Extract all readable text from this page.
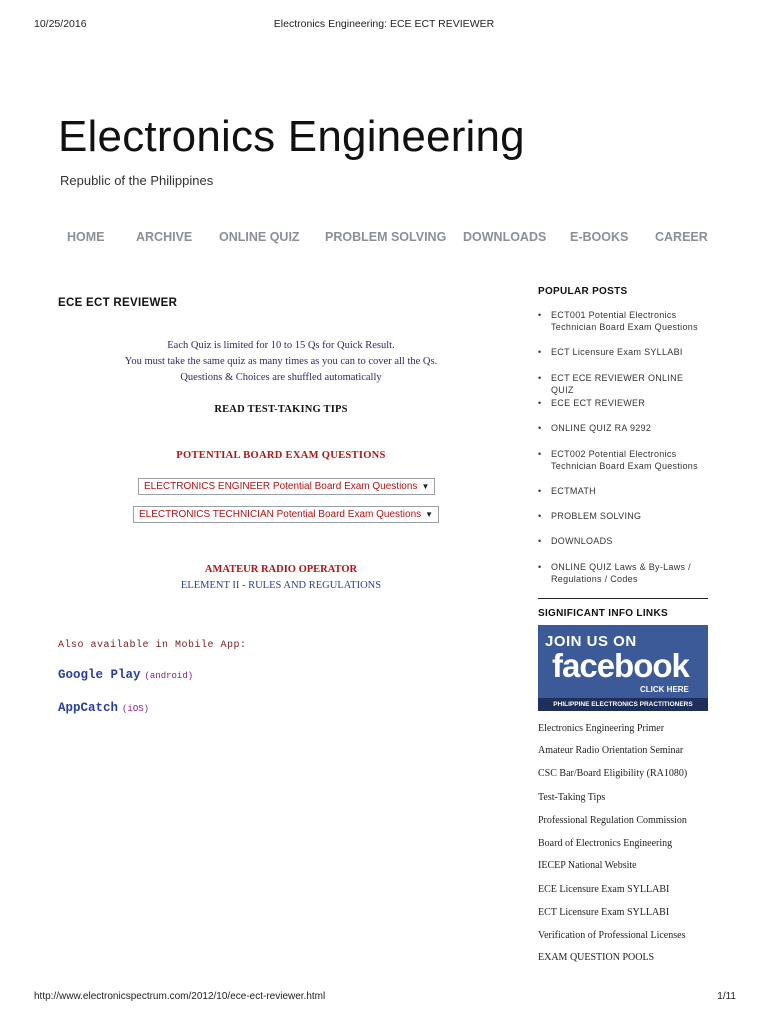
10/25/2016	Electronics Engineering: ECE ECT REVIEWER
Electronics Engineering
Republic of the Philippines
HOME	ARCHIVE ONLINE QUIZ PROBLEM SOLVING DOWNLOADS E-BOOKS CAREER
ECE ECT REVIEWER
Each Quiz is limited for 10 to 15 Qs for Quick Result.
You must take the same quiz as many times as you can to cover all the Qs.
Questions & Choices are shuffled automatically
READ TEST-TAKING TIPS
POTENTIAL BOARD EXAM QUESTIONS
ELECTRONICS ENGINEER Potential Board Exam Questions ▼
ELECTRONICS TECHNICIAN Potential Board Exam Questions ▼
AMATEUR RADIO OPERATOR
ELEMENT II - RULES AND REGULATIONS
Also available in Mobile App:
Google Play (android)
AppCatch (iOS)
POPULAR POSTS
• ECT001 Potential Electronics Technician Board Exam Questions
• ECT Licensure Exam SYLLABI
• ECT ECE REVIEWER ONLINE QUIZ
• ECE ECT REVIEWER
• ONLINE QUIZ RA 9292
• ECT002 Potential Electronics Technician Board Exam Questions
• ECTMATH
• PROBLEM SOLVING
• DOWNLOADS
• ONLINE QUIZ Laws & By-Laws / Regulations / Codes
SIGNIFICANT INFO LINKS
JOIN US ON
facebook
CLICK HERE
PHILIPPINE ELECTRONICS PRACTITIONERS
Electronics Engineering Primer
Amateur Radio Orientation Seminar
CSC Bar/Board Eligibility (RA1080)
Test-Taking Tips
Professional Regulation Commission
Board of Electronics Engineering
IECEP National Website
ECE Licensure Exam SYLLABI
ECT Licensure Exam SYLLABI
Verification of Professional Licenses
EXAM QUESTION POOLS
http://www.electronicspectrum.com/2012/10/ece-ect-reviewer.html	1/11
